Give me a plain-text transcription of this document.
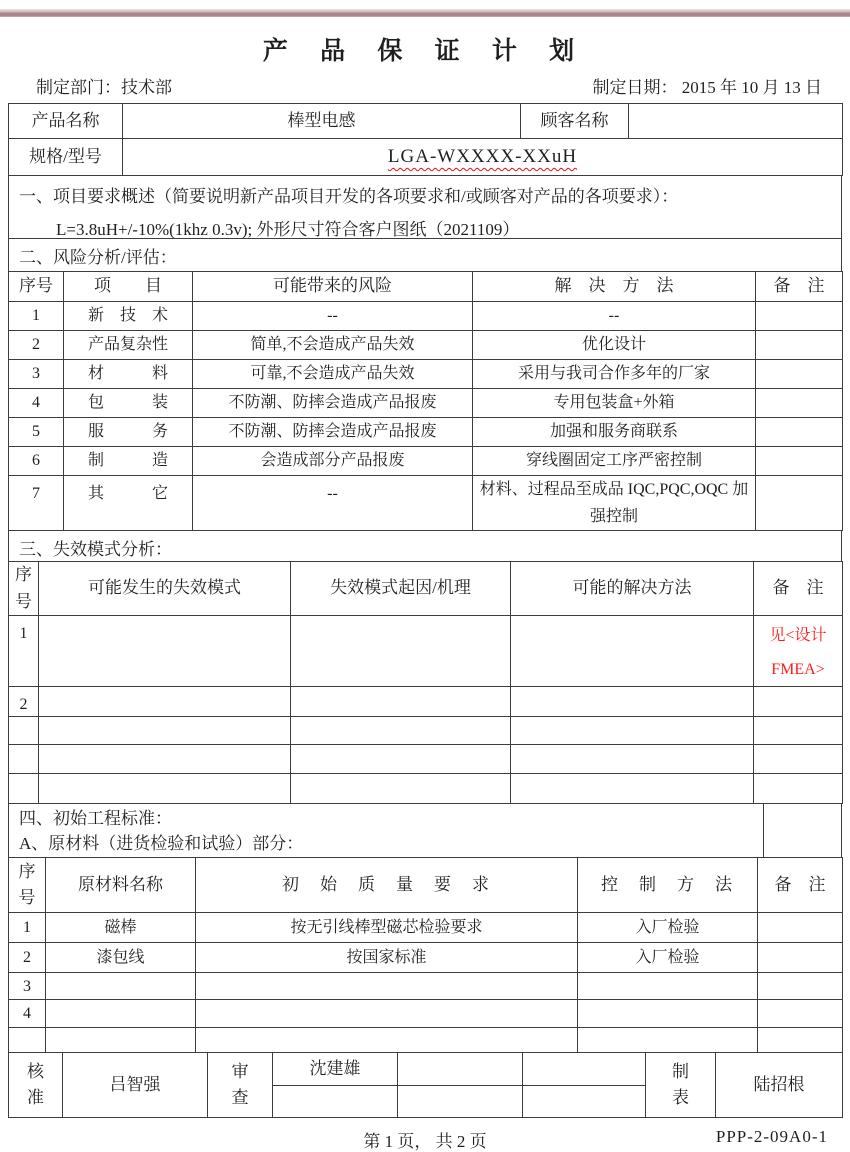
产 品 保 证 计 划
制定部门：技术部	制定日期： 2015 年 10 月 13 日
产品名称	棒型电感	顾客名称	
规格/型号	LGA-WXXXX-XXuH		
一、项目要求概述（简要说明新产品项目开发的各项要求和/或顾客对产品的各项要求）：
L=3.8uH+/-10%(1khz 0.3v); 外形尺寸符合客户图纸（2021109）
二、风险分析/评估：
序号	项　　目	可能带来的风险	解　决　方　法	备　注
1	新　技　术	--	--	
2	产品复杂性	简单,不会造成产品失效	优化设计	
3	材　　　料	可靠,不会造成产品失效	采用与我司合作多年的厂家	
4	包　　　装	不防潮、防摔会造成产品报废	专用包装盒+外箱	
5	服　　　务	不防潮、防摔会造成产品报废	加强和服务商联系	
6	制　　　造	会造成部分产品报废	穿线圈固定工序严密控制	
7	其　　　它	--	材料、过程品至成品 IQC,PQC,OQC 加强控制	
三、失效模式分析：
序号	可能发生的失效模式	失效模式起因/机理	可能的解决方法	备　注
1				见<设计 FMEA>
2				

四、初始工程标准：
A、原材料（进货检验和试验）部分：
序号	原材料名称	初　始　质　量　要　求	控　制　方　法	备　注
1	磁棒	按无引线棒型磁芯检验要求	入厂检验	
2	漆包线	按国家标准	入厂检验	
3				
4				

核准	吕智强	审查	沈建雄			制表	陆招根

第 1 页， 共 2 页	PPP-2-09A0-1
